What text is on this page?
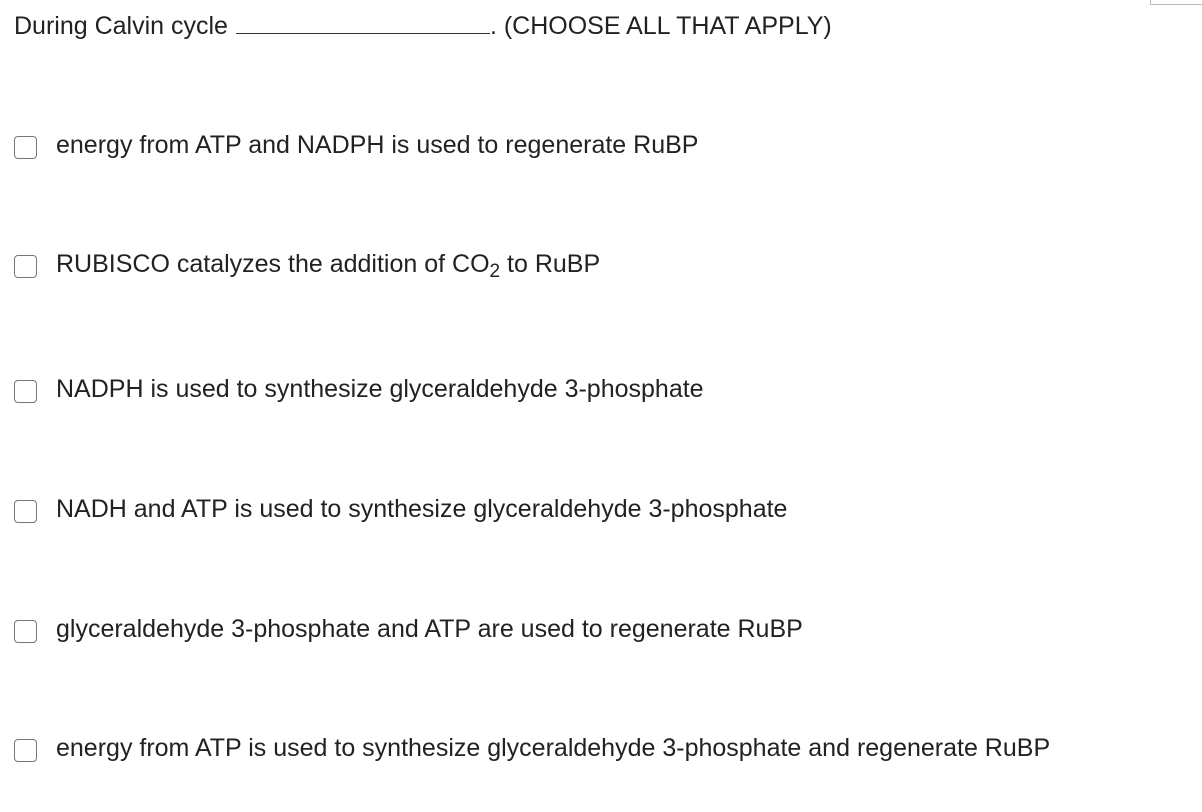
During Calvin cycle	. (CHOOSE ALL THAT APPLY)
energy from ATP and NADPH is used to regenerate RuBP
RUBISCO catalyzes the addition of $CO_2$ to RuBP
NADPH is used to synthesize glyceraldehyde 3-phosphate
NADH and ATP is used to synthesize glyceraldehyde 3-phosphate
glyceraldehyde 3-phosphate and ATP are used to regenerate RuBP
energy from ATP is used to synthesize glyceraldehyde 3-phosphate and regenerate RuBP
